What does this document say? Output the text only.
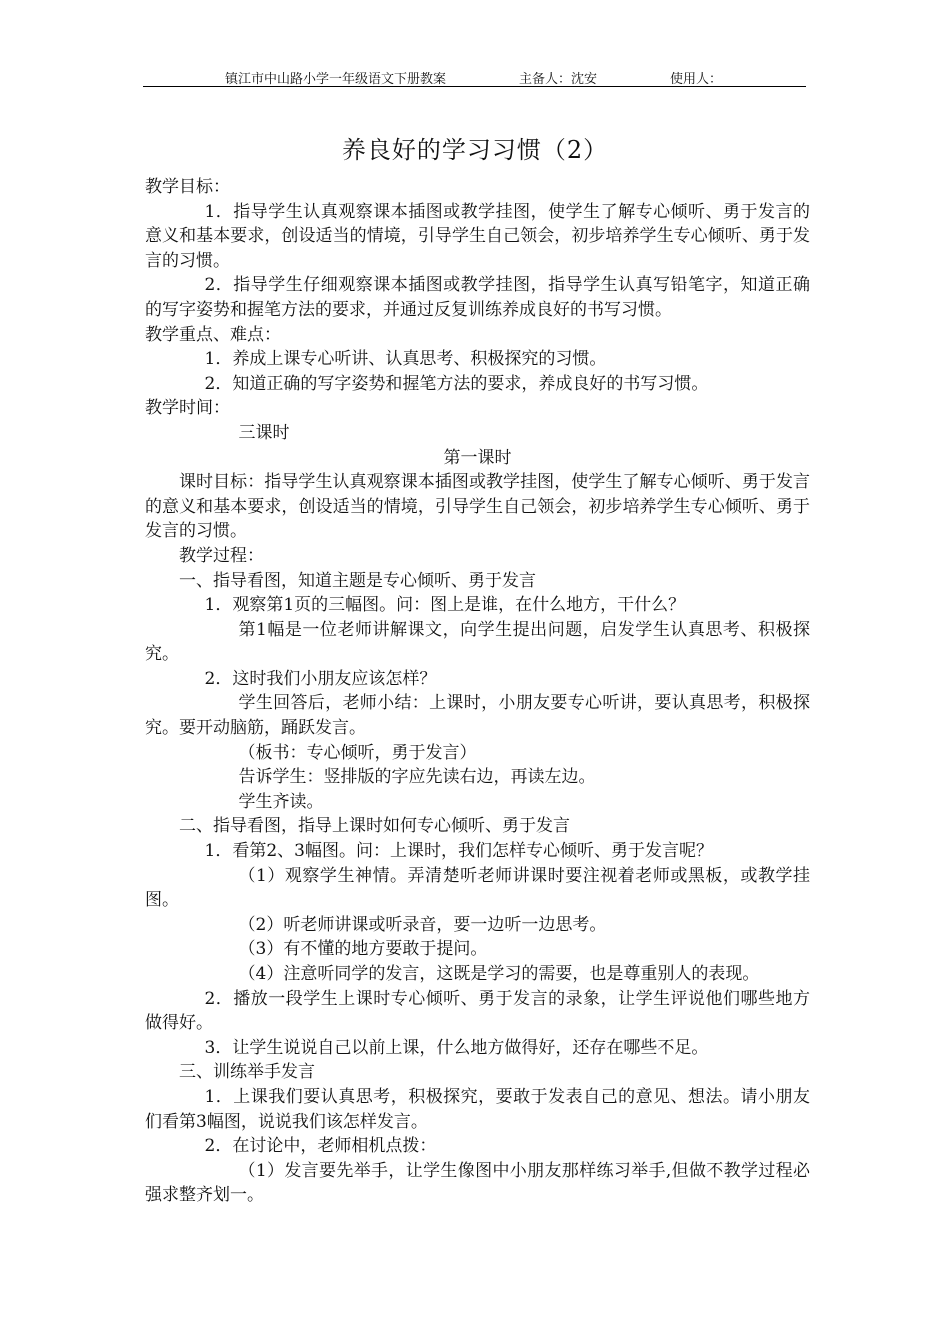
镇江市中山路小学一年级语文下册教案	主备人：沈安	使用人：
养良好的学习习惯（2）

教学目标：

1．指导学生认真观察课本插图或教学挂图，使学生了解专心倾听、勇于发言的意义和基本要求，创设适当的情境，引导学生自己领会，初步培养学生专心倾听、勇于发言的习惯。

2．指导学生仔细观察课本插图或教学挂图，指导学生认真写铅笔字，知道正确的写字姿势和握笔方法的要求，并通过反复训练养成良好的书写习惯。

教学重点、难点：

1．养成上课专心听讲、认真思考、积极探究的习惯。

2．知道正确的写字姿势和握笔方法的要求，养成良好的书写习惯。

教学时间：

三课时

第一课时

课时目标：指导学生认真观察课本插图或教学挂图，使学生了解专心倾听、勇于发言的意义和基本要求，创设适当的情境，引导学生自己领会，初步培养学生专心倾听、勇于发言的习惯。

教学过程：

一、指导看图，知道主题是专心倾听、勇于发言

1．观察第1页的三幅图。问：图上是谁，在什么地方，干什么？

第1幅是一位老师讲解课文，向学生提出问题，启发学生认真思考、积极探究。

2．这时我们小朋友应该怎样？

学生回答后，老师小结：上课时，小朋友要专心听讲，要认真思考，积极探究。要开动脑筋，踊跃发言。

（板书：专心倾听，勇于发言）

告诉学生：竖排版的字应先读右边，再读左边。

学生齐读。

二、指导看图，指导上课时如何专心倾听、勇于发言

1．看第2、3幅图。问：上课时，我们怎样专心倾听、勇于发言呢？

（1）观察学生神情。弄清楚听老师讲课时要注视着老师或黑板，或教学挂图。

（2）听老师讲课或听录音，要一边听一边思考。

（3）有不懂的地方要敢于提问。

（4）注意听同学的发言，这既是学习的需要，也是尊重别人的表现。

2．播放一段学生上课时专心倾听、勇于发言的录象，让学生评说他们哪些地方做得好。

3．让学生说说自己以前上课，什么地方做得好，还存在哪些不足。

三、训练举手发言

1．上课我们要认真思考，积极探究，要敢于发表自己的意见、想法。请小朋友们看第3幅图，说说我们该怎样发言。

2．在讨论中，老师相机点拨：

（1）发言要先举手，让学生像图中小朋友那样练习举手,但做不教学过程必强求整齐划一。
